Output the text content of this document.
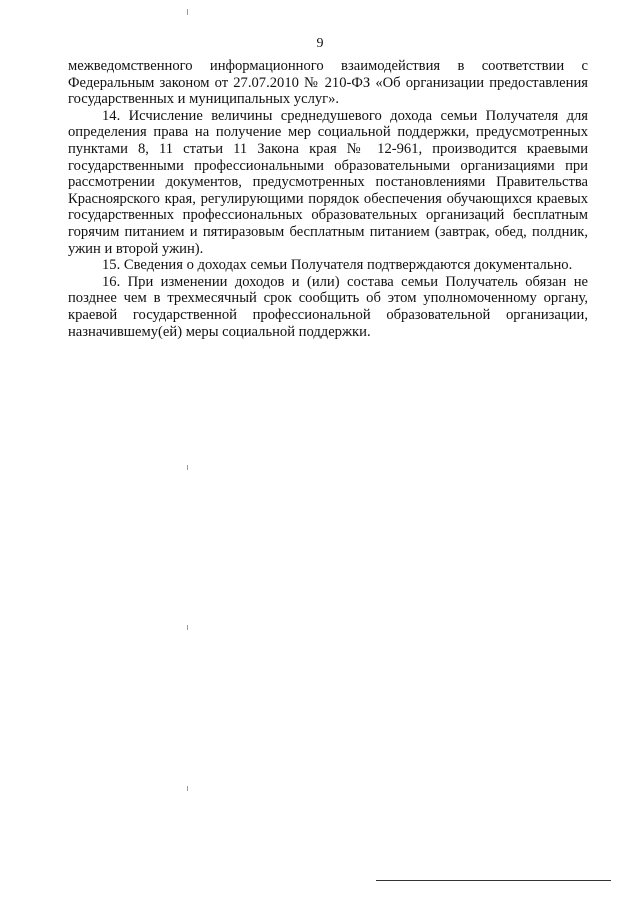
9

межведомственного информационного взаимодействия в соответствии с Федеральным законом от 27.07.2010 № 210-ФЗ «Об организации предоставления государственных и муниципальных услуг».

14. Исчисление величины среднедушевого дохода семьи Получателя для определения права на получение мер социальной поддержки, предусмотренных пунктами 8, 11 статьи 11 Закона края № 12-961, производится краевыми государственными профессиональными образовательными организациями при рассмотрении документов, предусмотренных постановлениями Правительства Красноярского края, регулирующими порядок обеспечения обучающихся краевых государственных профессиональных образовательных организаций бесплатным горячим питанием и пятиразовым бесплатным питанием (завтрак, обед, полдник, ужин и второй ужин).

15. Сведения о доходах семьи Получателя подтверждаются документально.

16. При изменении доходов и (или) состава семьи Получатель обязан не позднее чем в трехмесячный срок сообщить об этом уполномоченному органу, краевой государственной профессиональной образовательной организации, назначившему(ей) меры социальной поддержки.
